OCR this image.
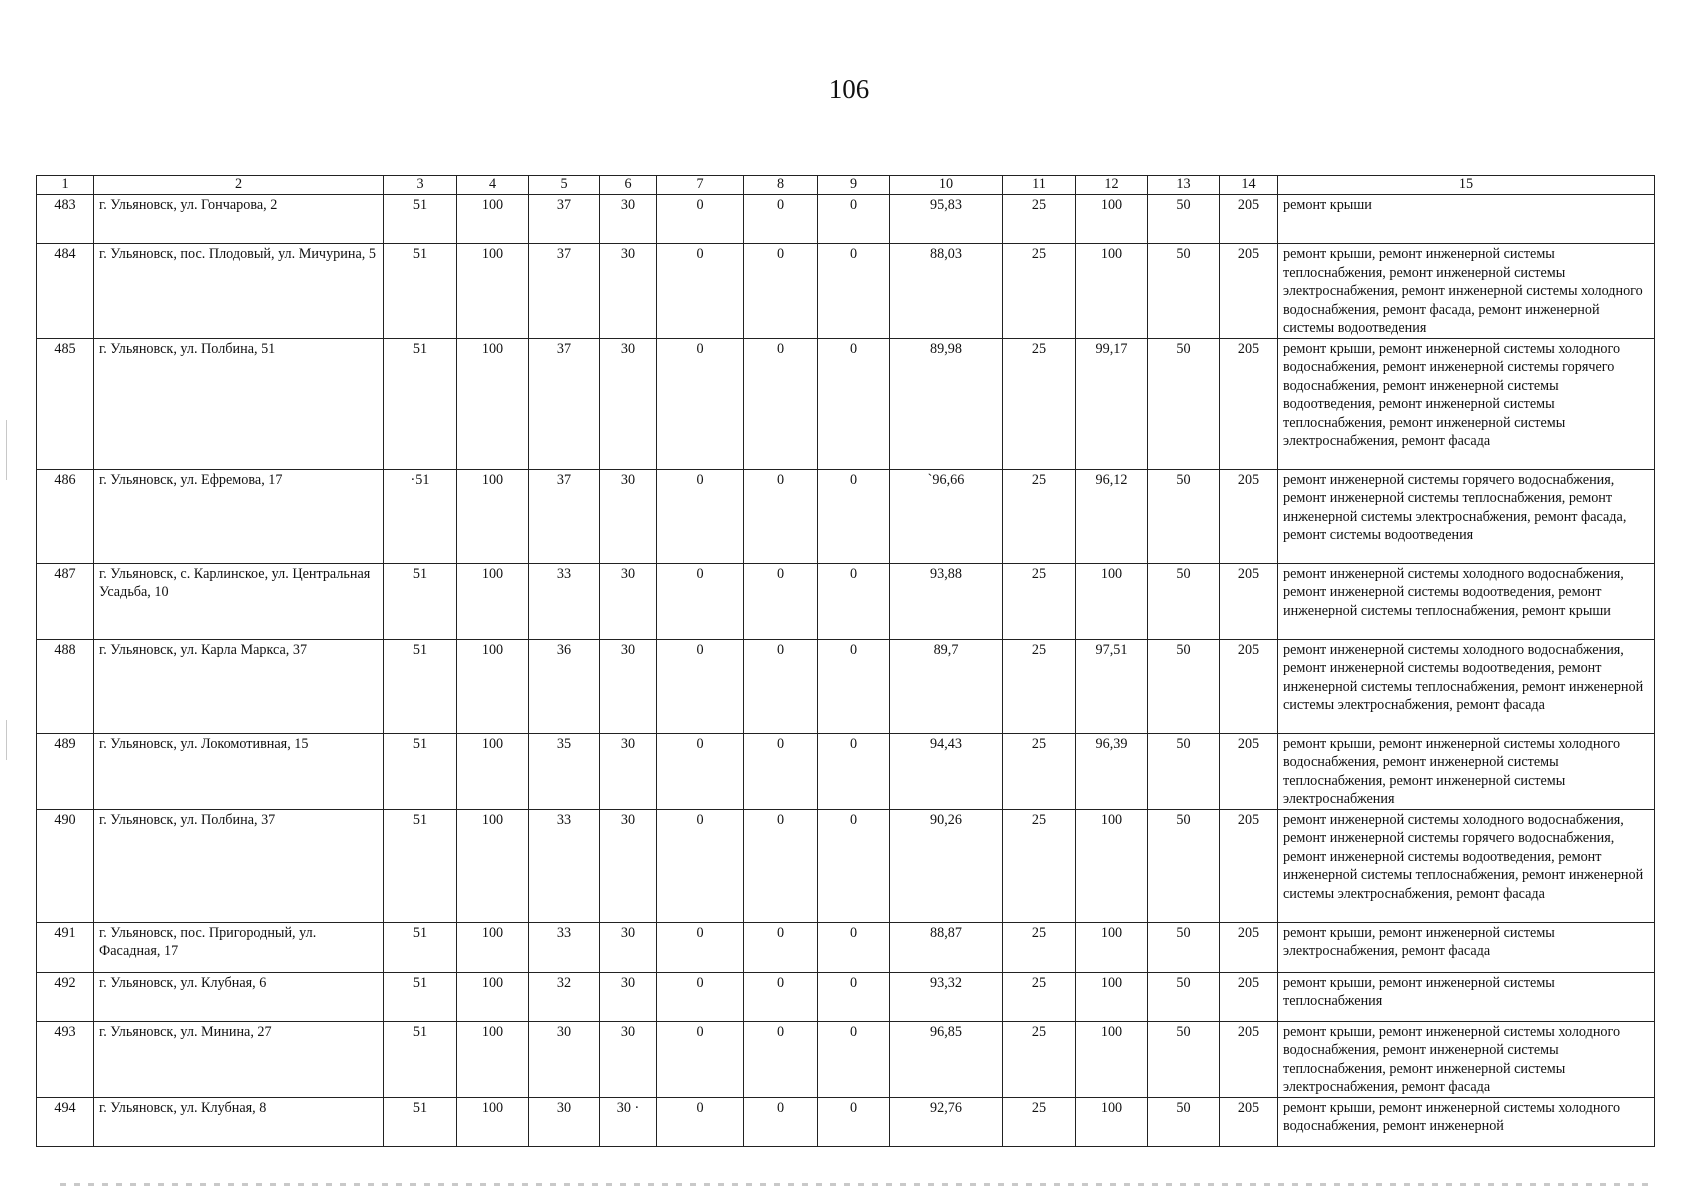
106
1	2	3	4	5	6	7	8	9	10	11	12	13	14	15
483	г. Ульяновск, ул. Гончарова, 2	51	100	37	30	0	0	0	95,83	25	100	50	205	ремонт крыши
484	г. Ульяновск, пос. Плодовый, ул. Мичурина, 5	51	100	37	30	0	0	0	88,03	25	100	50	205	ремонт крыши, ремонт инженерной системы теплоснабжения, ремонт инженерной системы электроснабжения, ремонт инженерной системы холодного водоснабжения, ремонт фасада, ремонт инженерной системы водоотведения
485	г. Ульяновск, ул. Полбина, 51	51	100	37	30	0	0	0	89,98	25	99,17	50	205	ремонт крыши, ремонт инженерной системы холодного водоснабжения, ремонт инженерной системы горячего водоснабжения, ремонт инженерной системы водоотведения, ремонт инженерной системы теплоснабжения, ремонт инженерной системы электроснабжения, ремонт фасада
486	г. Ульяновск, ул. Ефремова, 17	·51	100	37	30	0	0	0	`96,66	25	96,12	50	205	ремонт инженерной системы горячего водоснабжения, ремонт инженерной системы теплоснабжения, ремонт инженерной системы электроснабжения, ремонт фасада, ремонт системы водоотведения
487	г. Ульяновск, с. Карлинское, ул. Центральная Усадьба, 10	51	100	33	30	0	0	0	93,88	25	100	50	205	ремонт инженерной системы холодного водоснабжения, ремонт инженерной системы водоотведения, ремонт инженерной системы теплоснабжения, ремонт крыши
488	г. Ульяновск, ул. Карла Маркса, 37	51	100	36	30	0	0	0	89,7	25	97,51	50	205	ремонт инженерной системы холодного водоснабжения, ремонт инженерной системы водоотведения, ремонт инженерной системы теплоснабжения, ремонт инженерной системы электроснабжения, ремонт фасада
489	г. Ульяновск, ул. Локомотивная, 15	51	100	35	30	0	0	0	94,43	25	96,39	50	205	ремонт крыши, ремонт инженерной системы холодного водоснабжения, ремонт инженерной системы теплоснабжения, ремонт инженерной системы электроснабжения
490	г. Ульяновск, ул. Полбина, 37	51	100	33	30	0	0	0	90,26	25	100	50	205	ремонт инженерной системы холодного водоснабжения, ремонт инженерной системы горячего водоснабжения, ремонт инженерной системы водоотведения, ремонт инженерной системы теплоснабжения, ремонт инженерной системы электроснабжения, ремонт фасада
491	г. Ульяновск, пос. Пригородный, ул. Фасадная, 17	51	100	33	30	0	0	0	88,87	25	100	50	205	ремонт крыши, ремонт инженерной системы электроснабжения, ремонт фасада
492	г. Ульяновск, ул. Клубная, 6	51	100	32	30	0	0	0	93,32	25	100	50	205	ремонт крыши, ремонт инженерной системы теплоснабжения
493	г. Ульяновск, ул. Минина, 27	51	100	30	30	0	0	0	96,85	25	100	50	205	ремонт крыши, ремонт инженерной системы холодного водоснабжения, ремонт инженерной системы теплоснабжения, ремонт инженерной системы электроснабжения, ремонт фасада
494	г. Ульяновск, ул. Клубная, 8	51	100	30	30 ·	0	0	0	92,76	25	100	50	205	ремонт крыши, ремонт инженерной системы холодного водоснабжения, ремонт инженерной
